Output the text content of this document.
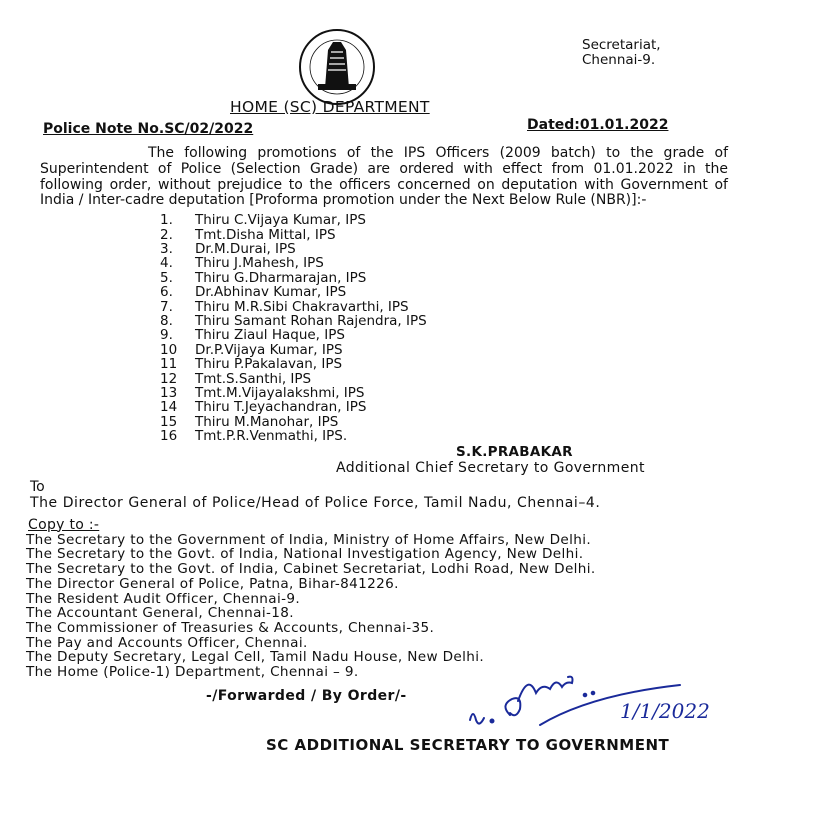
Secretariat,
Chennai-9.
HOME (SC) DEPARTMENT
Police Note No.SC/02/2022	Dated:01.01.2022
The following promotions of the IPS Officers (2009 batch) to the grade of Superintendent of Police (Selection Grade) are ordered with effect from 01.01.2022 in the following order, without prejudice to the officers concerned on deputation with Government of India / Inter-cadre deputation [Proforma promotion under the Next Below Rule (NBR)]:-
1.	Thiru C.Vijaya Kumar, IPS
2.	Tmt.Disha Mittal, IPS
3.	Dr.M.Durai, IPS
4.	Thiru J.Mahesh, IPS
5.	Thiru G.Dharmarajan, IPS
6.	Dr.Abhinav Kumar, IPS
7.	Thiru M.R.Sibi Chakravarthi, IPS
8.	Thiru Samant Rohan Rajendra, IPS
9.	Thiru Ziaul Haque, IPS
10	Dr.P.Vijaya Kumar, IPS
11	Thiru P.Pakalavan, IPS
12	Tmt.S.Santhi, IPS
13	Tmt.M.Vijayalakshmi, IPS
14	Thiru T.Jeyachandran, IPS
15	Thiru M.Manohar, IPS
16	Tmt.P.R.Venmathi, IPS.
S.K.PRABAKAR
Additional Chief Secretary to Government
To
The Director General of Police/Head of Police Force, Tamil Nadu, Chennai–4.
Copy to :-
The Secretary to the Government of India, Ministry of Home Affairs, New Delhi.
The Secretary to the Govt. of India, National Investigation Agency, New Delhi.
The Secretary to the Govt. of India, Cabinet Secretariat, Lodhi Road, New Delhi.
The Director General of Police, Patna, Bihar-841226.
The Resident Audit Officer, Chennai-9.
The Accountant General, Chennai-18.
The Commissioner of Treasuries & Accounts, Chennai-35.
The Pay and Accounts Officer, Chennai.
The Deputy Secretary, Legal Cell, Tamil Nadu House, New Delhi.
The Home (Police-1) Department, Chennai – 9.
-/Forwarded / By Order/-
1/1/2022
SC ADDITIONAL SECRETARY TO GOVERNMENT
